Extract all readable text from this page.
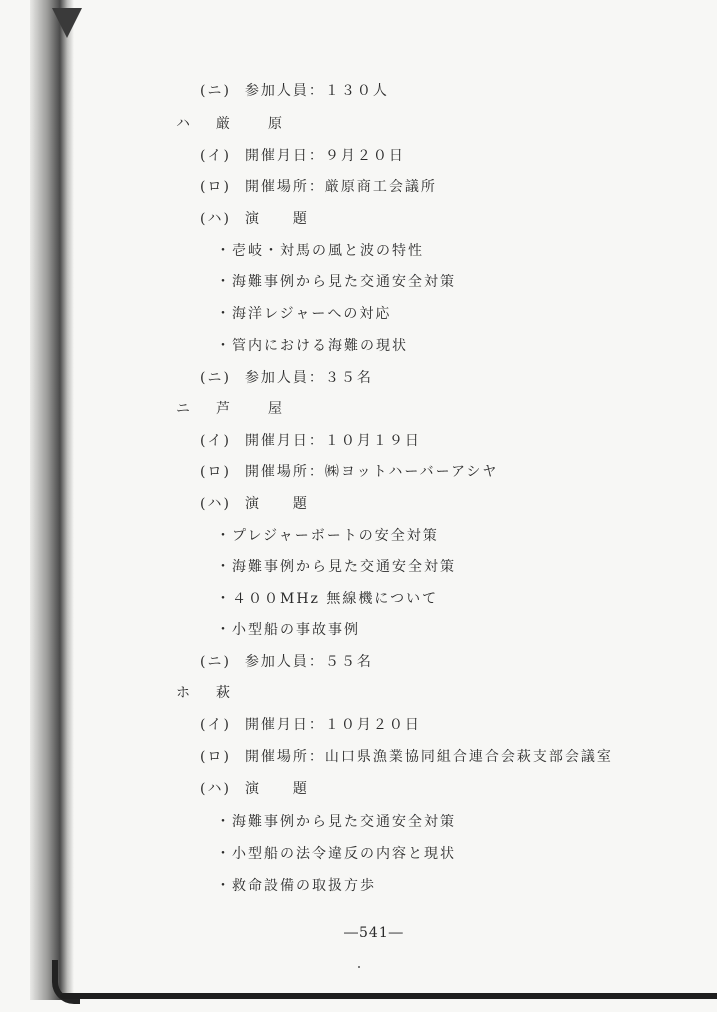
(ニ) 参加人員：１３０人
ハ 厳　原
(イ) 開催月日：９月２０日
(ロ) 開催場所：厳原商工会議所
(ハ) 演　　題
・壱岐・対馬の風と波の特性
・海難事例から見た交通安全対策
・海洋レジャーへの対応
・管内における海難の現状
(ニ) 参加人員：３５名
ニ 芦　屋
(イ) 開催月日：１０月１９日
(ロ) 開催場所：㈱ヨットハーバーアシヤ
(ハ) 演　　題
・プレジャーボートの安全対策
・海難事例から見た交通安全対策
・４００MHz 無線機について
・小型船の事故事例
(ニ) 参加人員：５５名
ホ 萩
(イ) 開催月日：１０月２０日
(ロ) 開催場所：山口県漁業協同組合連合会萩支部会議室
(ハ) 演　　題
・海難事例から見た交通安全対策
・小型船の法令違反の内容と現状
・救命設備の取扱方歩
―541―
